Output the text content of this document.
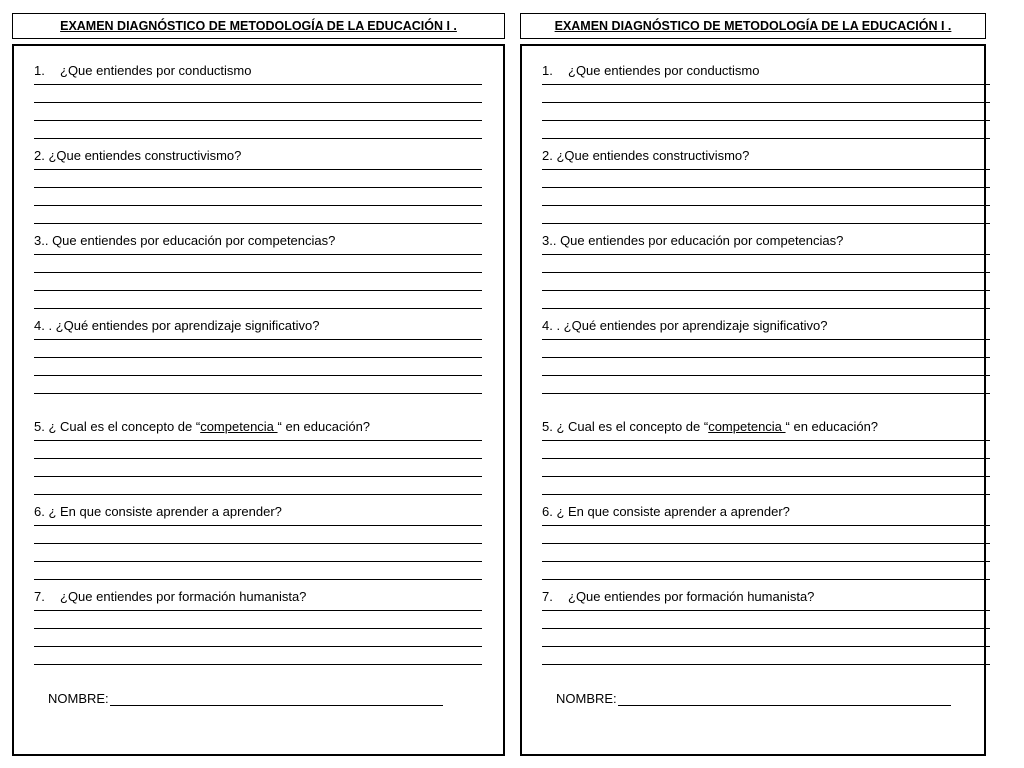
EXAMEN DIAGNÓSTICO DE METODOLOGÍA DE LA EDUCACIÓN I .
1. ¿Que entiendes por conductismo
2. ¿Que entiendes constructivismo?
3.. Que entiendes por educación por competencias?
4. . ¿Qué entiendes por aprendizaje significativo?
5. ¿ Cual es el concepto de “competencia “ en educación?
6. ¿ En que consiste aprender a aprender?
7. ¿Que entiendes por formación humanista?
NOMBRE:
EXAMEN DIAGNÓSTICO DE METODOLOGÍA DE LA EDUCACIÓN I .
1. ¿Que entiendes por conductismo
2. ¿Que entiendes constructivismo?
3.. Que entiendes por educación por competencias?
4. . ¿Qué entiendes por aprendizaje significativo?
5. ¿ Cual es el concepto de “competencia “ en educación?
6. ¿ En que consiste aprender a aprender?
7. ¿Que entiendes por formación humanista?
NOMBRE:
